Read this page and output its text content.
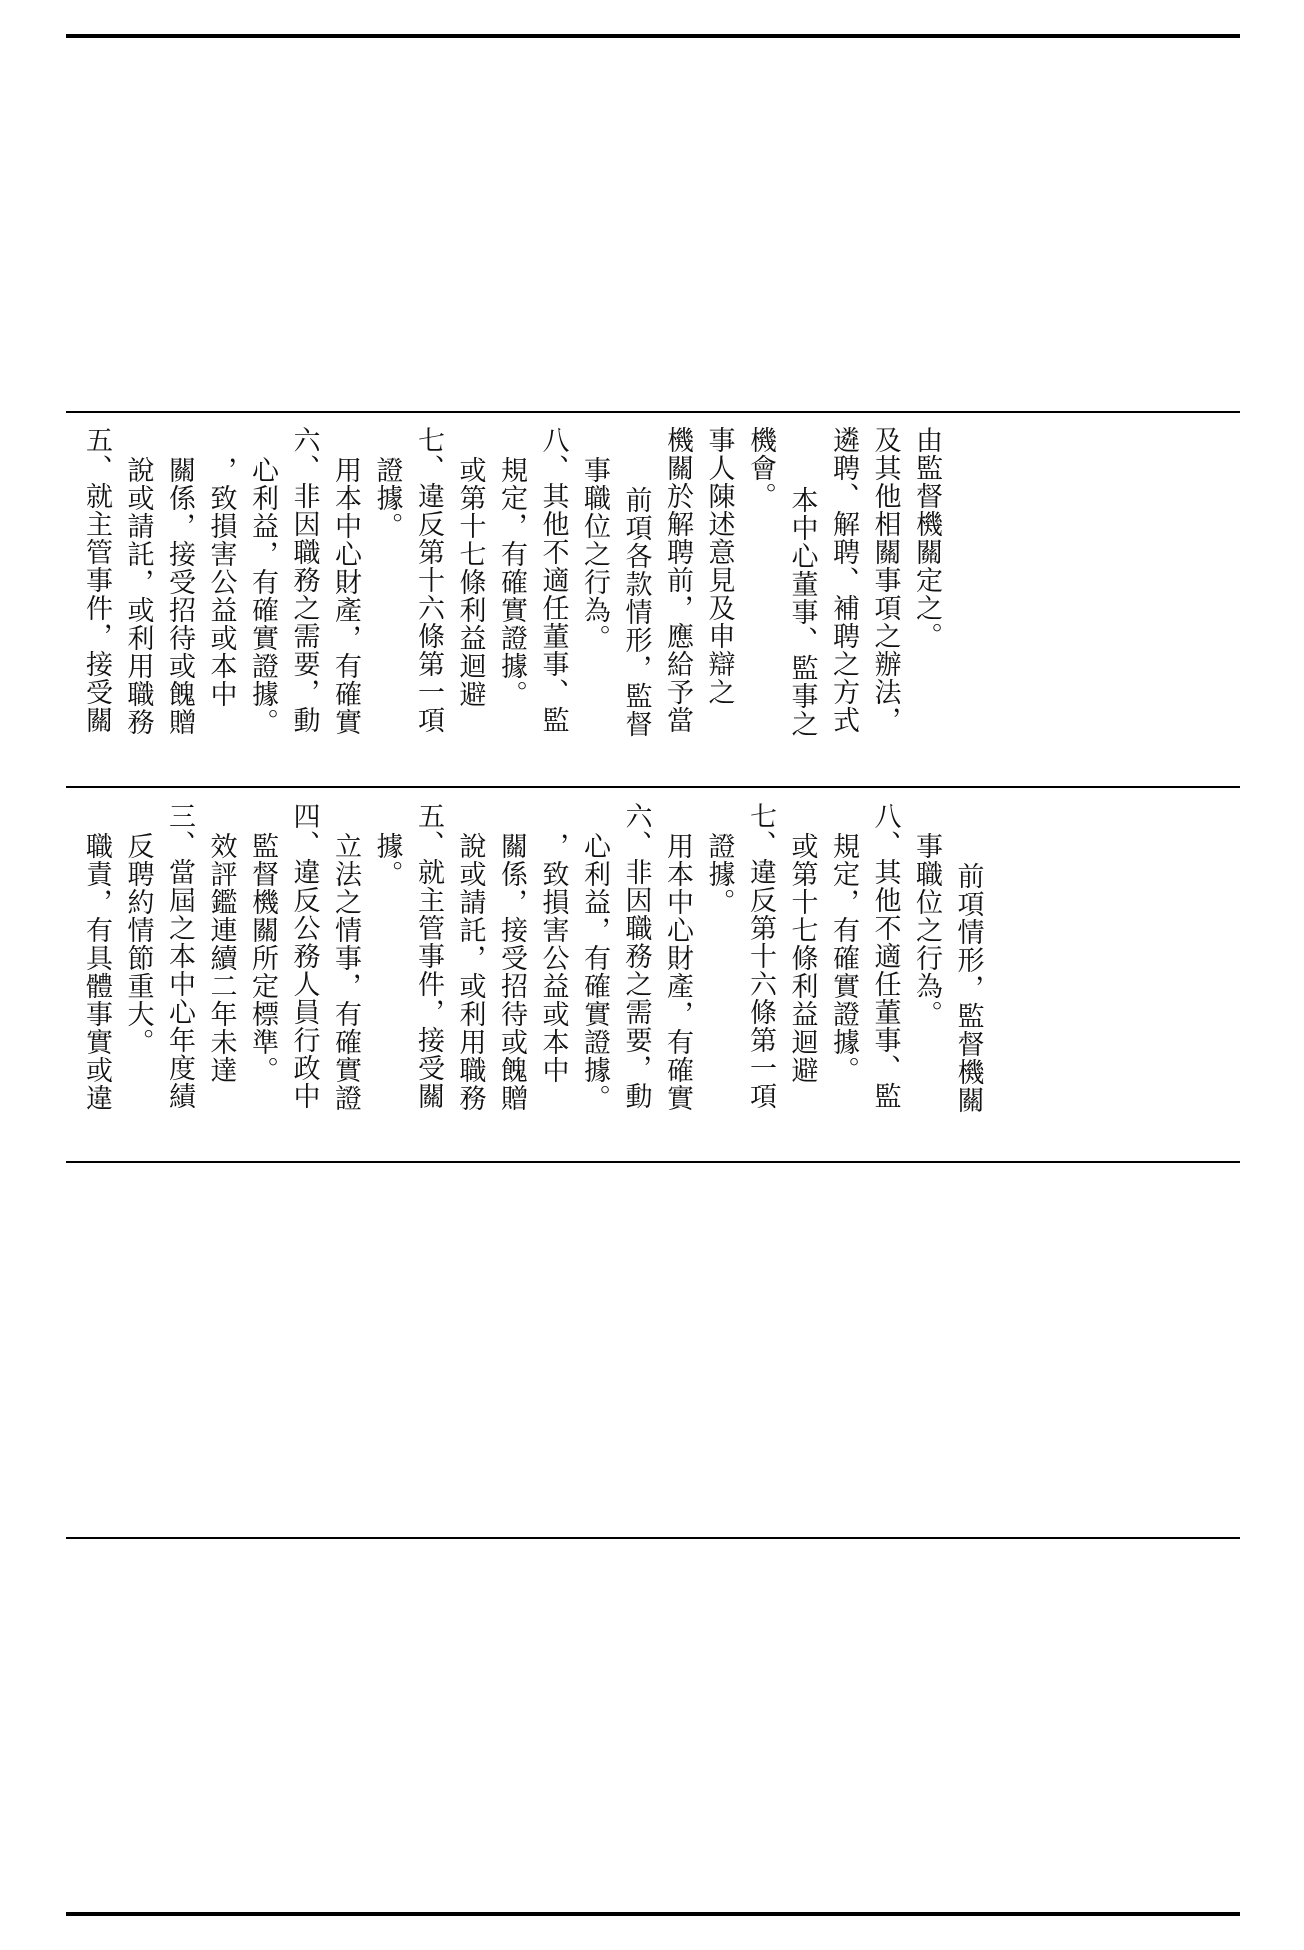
五、就主管事件，接受關 說或請託，或利用職務 關係，接受招待或餽贈 ，致損害公益或本中 心利益，有確實證據。 六、非因職務之需要，動 用本中心財產，有確實 證據。 七、違反第十六條第一項 或第十七條利益迴避 規定，有確實證據。 八、其他不適任董事、監 事職位之行為。 前項各款情形，監督 機關於解聘前，應給予當 事人陳述意見及申辯之 機會。
本中心董事、監事之 遴聘、解聘、補聘之方式 及其他相關事項之辦法， 由監督機關定之。
職責，有具體事實或違 反聘約情節重大。 三、當屆之本中心年度績 效評鑑連續二年未達 監督機關所定標準。 四、違反公務人員行政中 立法之情事，有確實證 據。 五、就主管事件，接受關 說或請託，或利用職務 關係，接受招待或餽贈 ，致損害公益或本中 心利益，有確實證據。 六、非因職務之需要，動 用本中心財產，有確實 證據。 七、違反第十六條第一項 或第十七條利益迴避 規定，有確實證據。 八、其他不適任董事、監 事職位之行為。 前項情形，監督機關
